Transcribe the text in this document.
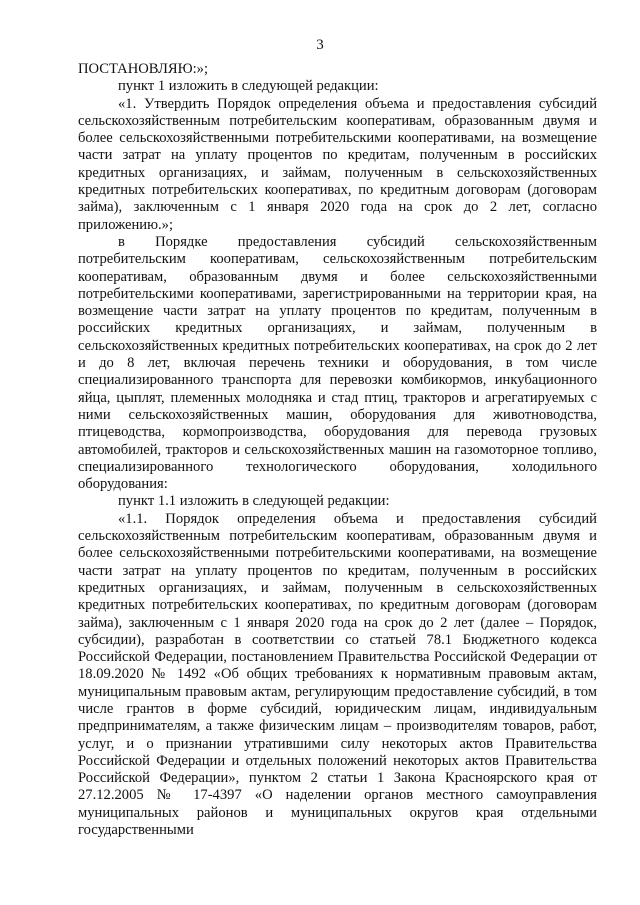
3

ПОСТАНОВЛЯЮ:»;

пункт 1 изложить в следующей редакции:

«1. Утвердить Порядок определения объема и предоставления субсидий сельскохозяйственным потребительским кооперативам, образованным двумя и более сельскохозяйственными потребительскими кооперативами, на возмещение части затрат на уплату процентов по кредитам, полученным в российских кредитных организациях, и займам, полученным в сельскохозяйственных кредитных потребительских кооперативах, по кредитным договорам (договорам займа), заключенным с 1 января 2020 года на срок до 2 лет, согласно приложению.»;

в Порядке предоставления субсидий сельскохозяйственным потребительским кооперативам, сельскохозяйственным потребительским кооперативам, образованным двумя и более сельскохозяйственными потребительскими кооперативами, зарегистрированными на территории края, на возмещение части затрат на уплату процентов по кредитам, полученным в российских кредитных организациях, и займам, полученным в сельскохозяйственных кредитных потребительских кооперативах, на срок до 2 лет и до 8 лет, включая перечень техники и оборудования, в том числе специализированного транспорта для перевозки комбикормов, инкубационного яйца, цыплят, племенных молодняка и стад птиц, тракторов и агрегатируемых с ними сельскохозяйственных машин, оборудования для животноводства, птицеводства, кормопроизводства, оборудования для перевода грузовых автомобилей, тракторов и сельскохозяйственных машин на газомоторное топливо, специализированного технологического оборудования, холодильного оборудования:

пункт 1.1 изложить в следующей редакции:

«1.1. Порядок определения объема и предоставления субсидий сельскохозяйственным потребительским кооперативам, образованным двумя и более сельскохозяйственными потребительскими кооперативами, на возмещение части затрат на уплату процентов по кредитам, полученным в российских кредитных организациях, и займам, полученным в сельскохозяйственных кредитных потребительских кооперативах, по кредитным договорам (договорам займа), заключенным с 1 января 2020 года на срок до 2 лет (далее – Порядок, субсидии), разработан в соответствии со статьей 78.1 Бюджетного кодекса Российской Федерации, постановлением Правительства Российской Федерации от 18.09.2020 № 1492 «Об общих требованиях к нормативным правовым актам, муниципальным правовым актам, регулирующим предоставление субсидий, в том числе грантов в форме субсидий, юридическим лицам, индивидуальным предпринимателям, а также физическим лицам – производителям товаров, работ, услуг, и о признании утратившими силу некоторых актов Правительства Российской Федерации и отдельных положений некоторых актов Правительства Российской Федерации», пунктом 2 статьи 1 Закона Красноярского края от 27.12.2005 № 17-4397 «О наделении органов местного самоуправления муниципальных районов и муниципальных округов края отдельными государственными
